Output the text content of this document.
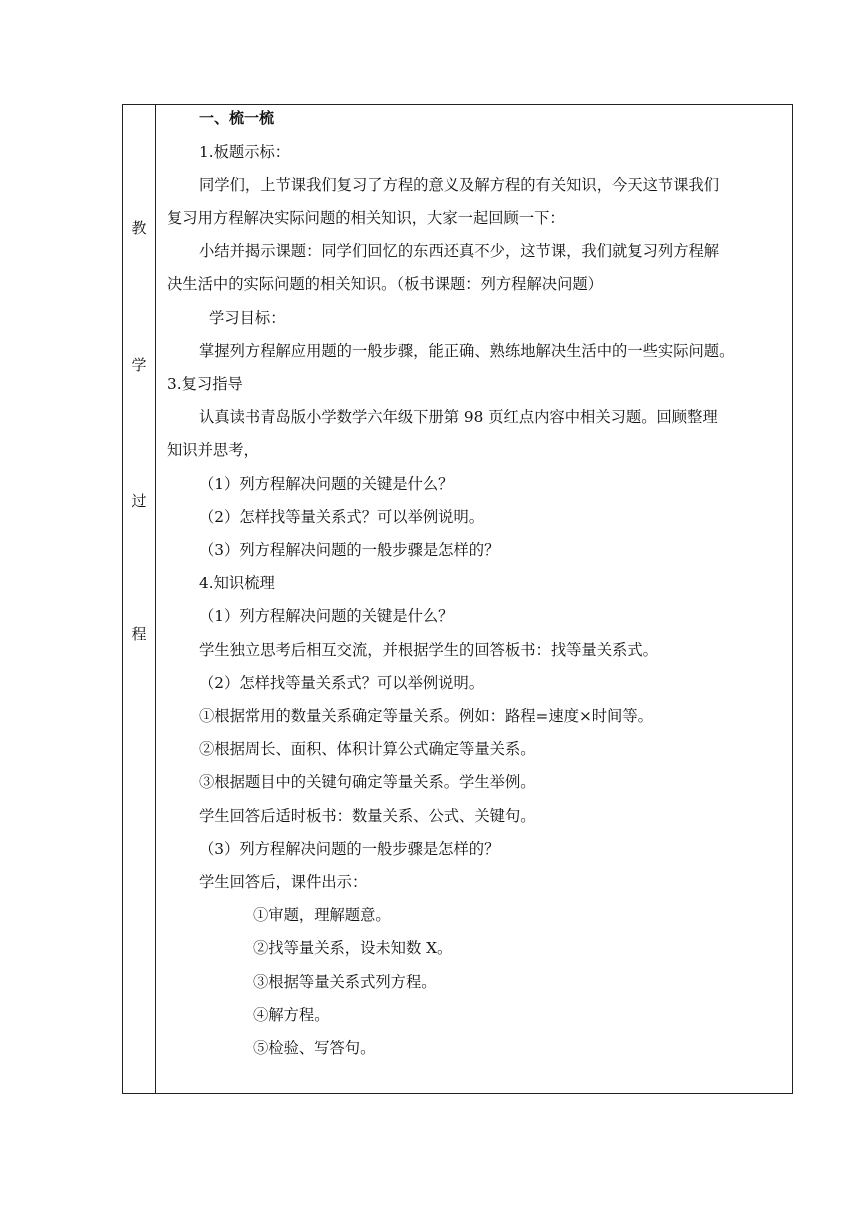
教
学
过
程
一、梳一梳
1.板题示标：
同学们，上节课我们复习了方程的意义及解方程的有关知识，今天这节课我们
复习用方程解决实际问题的相关知识，大家一起回顾一下：
小结并揭示课题：同学们回忆的东西还真不少，这节课，我们就复习列方程解
决生活中的实际问题的相关知识。（板书课题：列方程解决问题）
学习目标：
掌握列方程解应用题的一般步骤，能正确、熟练地解决生活中的一些实际问题。
3.复习指导
认真读书青岛版小学数学六年级下册第 98 页红点内容中相关习题。回顾整理
知识并思考，
（1）列方程解决问题的关键是什么？
（2）怎样找等量关系式？可以举例说明。
（3）列方程解决问题的一般步骤是怎样的？
4.知识梳理
（1）列方程解决问题的关键是什么？
学生独立思考后相互交流，并根据学生的回答板书：找等量关系式。
（2）怎样找等量关系式？可以举例说明。
①根据常用的数量关系确定等量关系。例如：路程=速度×时间等。
②根据周长、面积、体积计算公式确定等量关系。
③根据题目中的关键句确定等量关系。学生举例。
学生回答后适时板书：数量关系、公式、关键句。
（3）列方程解决问题的一般步骤是怎样的？
学生回答后，课件出示：
①审题，理解题意。
②找等量关系，设未知数 X。
③根据等量关系式列方程。
④解方程。
⑤检验、写答句。
